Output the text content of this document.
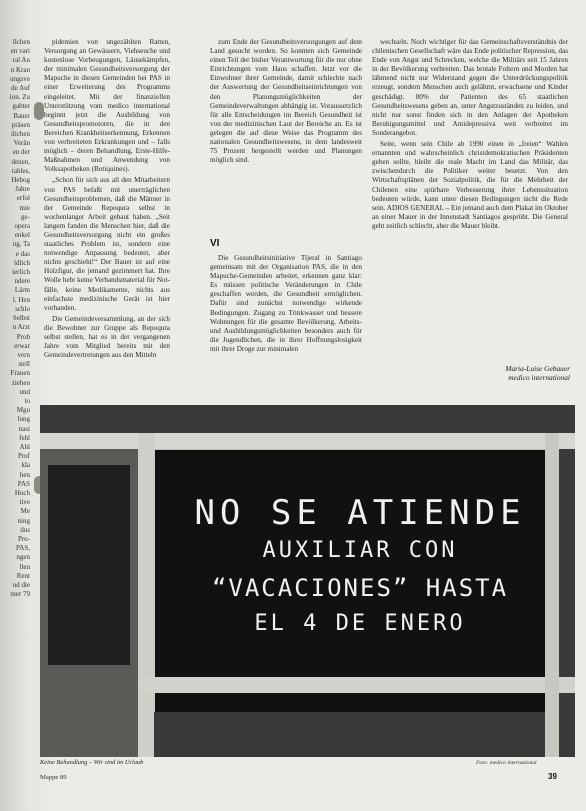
llchen
en vari
ral Au
n Kran
ungsve
de Auf
ion. Zu
gabter
Bauer
präsen
ilichen
Verän
en der
denen,
tahles,
Hebog
Jahre
erfol
mie
ge-
opera
enkel
ng. Ta
e das
ldlich
ierlich
ndere
Lärm
l. Hen
schlo
Selbst
n Arzt
Prob
erwar
vern
stell
Frauen
ziehen
und
to
Mgu
lung
nasi
fehl
Ahl
Prof
kla
hen
PAS
Hoch
tive
Me
ning
dus
Pro-
PAS,
ngen
llen
Rent
ud die
mer 79

pidemien von ungezählten Ratten, Versorgung an Gewässern, Viehseuche und kostenlose Vorbeugungen, Läusekämpfen, der minimalen Gesundheitsversorgung der Mapuche in diesen Gemeinden bei PAS in einer Erweiterung des Programms eingeleitet. Mit der finanziellen Unterstützung vom medico international beginnt jetzt die Ausbildung von Gesundheitspromotoren, die in den Bereichen Krankheitserkennung, Erkennen von verbreiteten Erkrankungen und – falls möglich – deren Behandlung, Erste-Hilfe-Maßnahmen und Anwendung von Volksapotheken (Botiquines).

„Schon für sich aus all den Mitarbeitern von PAS befaßt mit unerträglichen Gesundheitsproblemen, daß die Männer in der Gemeinde Repoqura selbst in wochenlanger Arbeit gebaut haben. „Seit langem fanden die Menschen hier, daß die Gesundheitsversorgung nicht ein großes staatliches Problem ist, sondern eine notwendige Anpassung bedeutet, aber nichts geschieht!“ Der Bauer ist auf eine Holzfigur, die jemand gezimmert hat. Ihre Wolle hebt keine Verbandsmaterial für Not-fälle, keine Medikamente, nichts aus einfachste medizinische Gerät ist hier vorhanden.

Die Gemeindeversammlung, an der sich die Bewohner zur Gruppe als Repoqura selbst stellen, hat es in der vergangenen Jahre vom Mitglied bereits mit den Gemeindevertretungen aus den Mitteln

zum Ende der Gesundheitsversorgungen auf dem Land gesucht worden. So konnten sich Gemeinde einen Teil der bisher Verantwortung für die nur ohne Einrichtungen vom Haus schaffen. Jetzt vor die Einwohner ihrer Gemeinde, damit schlechte nach der Auswertung der Gesundheitseinrichtungen von den Planungsmöglichkeiten der Gemeindeverwaltungen abhängig ist. Voraussetzlich für alle Entscheidungen im Bereich Gesundheit ist von der medizinischen Laut der Bereiche an. Es ist gelegen die auf diese Weise das Programm des nationalen Gesundheitswesens, in dem landesweit 75 Prozent hergestellt werden und Planungen möglich sind.

VI

Die Gesundheitsinitiative Tijeral in Santiago gemeinsam mit der Organisation PAS, die in den Mapuche-Gemeinden arbeitet, erkennen ganz klar: Es müssen politische Veränderungen in Chile geschaffen werden, die Gesundheit ermöglichen. Dafür sind zunächst notwendige wirkende Bedingungen. Zugang zu Trinkwasser und bessere Wohnungen für die gesamte Bevölkerung, Arbeits- und Ausbildungsmöglichkeiten besonders auch für die Jugendlichen, die in ihrer Hoffnungslosigkeit mit ihrer Droge zur minimalen

wechseln. Noch wichtiger für das Gemeinschaftsverständnis der chilenischen Gesellschaft wäre das Ende politischer Repression, das Ende von Angst und Schrecken, welche die Militärs seit 15 Jahren in der Bevölkerung verbreiten. Das brutale Foltern und Morden hat lähmend nicht nur Widerstand gegen die Unterdrückungspolitik erzeugt, sondern Menschen auch gelähmt, erwachsene und Kinder geschädigt. 80% der Patienten des 65 staatlichen Gesundheitswesens geben an, unter Angstzuständen zu leiden, und nicht nur sonst finden sich in den Anlagen der Apotheken Beruhigungsmittel und Antidepressiva weit verbreitet im Sonderangebot.

Seite, wenn sein Chile ab 1990 einen in „freien“ Wahlen ernannten und wahrscheinlich christdemokratischen Präsidenten geben sollte, bleibt die reale Macht im Land das Militär, das zwischendurch die Politiker weiter besetzt. Von den Wirtschaftsplänen der Sozialpolitik, die für die Mehrheit der Chilenen eine spürbare Verbesserung ihrer Lebenssituation bedeuten würde, kann unter diesen Bedingungen nicht die Rede sein. ADIOS GENERAL – Ein jemand auch dem Plakat im Oktober an einer Mauer in der Innenstadt Santiagos gesprüht. Die General geht zeitlich schlecht, aber die Mauer bleibt.

Maria-Luise Gebauer
medico international
NO SE ATIENDE
AUXILIAR CON
“VACACIONES” HASTA
EL 4 DE ENERO
Keine Behandlung – Wir sind im Urlaub	Foto: medico international
Mappe 89	39
